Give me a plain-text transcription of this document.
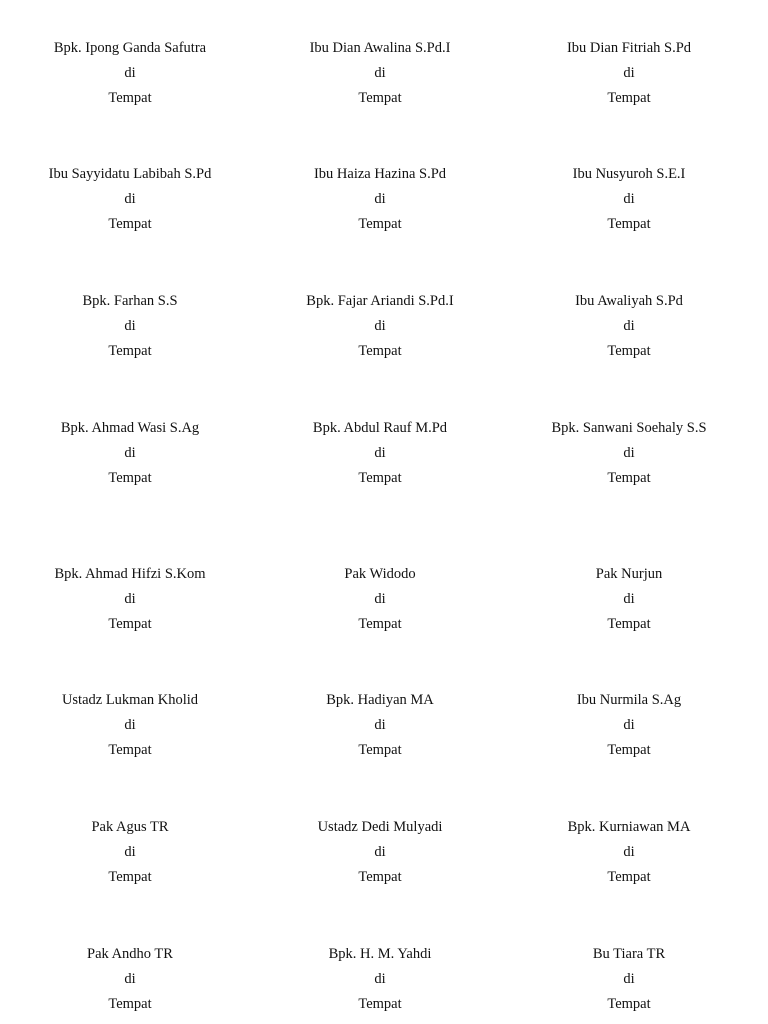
Bpk. Ipong Ganda Safutra
di
Tempat
Ibu Dian Awalina S.Pd.I
di
Tempat
Ibu Dian Fitriah S.Pd
di
Tempat
Ibu Sayyidatu Labibah S.Pd
di
Tempat
Ibu Haiza Hazina S.Pd
di
Tempat
Ibu Nusyuroh S.E.I
di
Tempat
Bpk. Farhan S.S
di
Tempat
Bpk. Fajar Ariandi S.Pd.I
di
Tempat
Ibu Awaliyah S.Pd
di
Tempat
Bpk. Ahmad Wasi S.Ag
di
Tempat
Bpk. Abdul Rauf M.Pd
di
Tempat
Bpk. Sanwani Soehaly S.S
di
Tempat
Bpk. Ahmad Hifzi S.Kom
di
Tempat
Pak Widodo
di
Tempat
Pak Nurjun
di
Tempat
Ustadz Lukman Kholid
di
Tempat
Bpk. Hadiyan MA
di
Tempat
Ibu Nurmila S.Ag
di
Tempat
Pak Agus TR
di
Tempat
Ustadz Dedi Mulyadi
di
Tempat
Bpk. Kurniawan MA
di
Tempat
Pak Andho TR
di
Tempat
Bpk. H. M. Yahdi
di
Tempat
Bu Tiara TR
di
Tempat
